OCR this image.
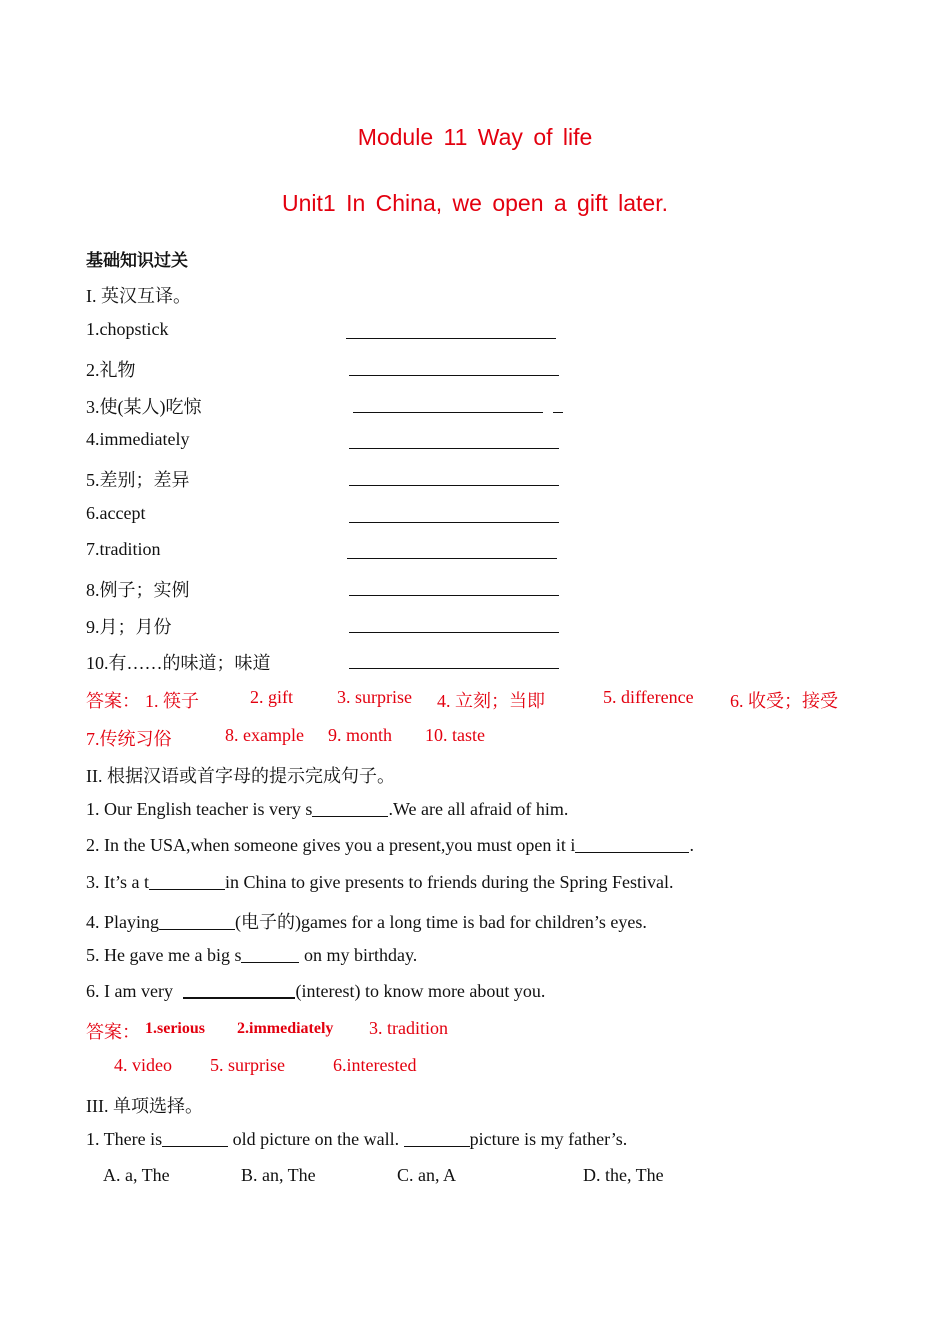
Module 11 Way of life
Unit1 In China, we open a gift later.
基础知识过关
I. 英汉互译。
1.chopstick
2.礼物
3.使(某人)吃惊
4.immediately
5.差别；差异
6.accept
7.tradition
8.例子；实例
9.月；月份
10.有……的味道；味道
答案： 1. 筷子	2. gift 3. surprise 4. 立刻；当即	5. difference 6. 收受；接受
7.传统习俗	8. example 9. month 10. taste
II. 根据汉语或首字母的提示完成句子。
1. Our English teacher is very s	.We are all afraid of him.
2. In the USA,when someone gives you a present,you must open it i	.
3. It’s a t	in China to give presents to friends during the Spring Festival.
4. Playing	(电子的)games for a long time is bad for children’s eyes.
5. He gave me a big s	on my birthday.
6. I am very	(interest) to know more about you.
答案： 1.serious 2.immediately 3. tradition
4. video 5. surprise	6.interested
III. 单项选择。
1. There is	old picture on the wall.	picture is my father’s.
A. a, The	B. an, The	C. an, A	D. the, The
